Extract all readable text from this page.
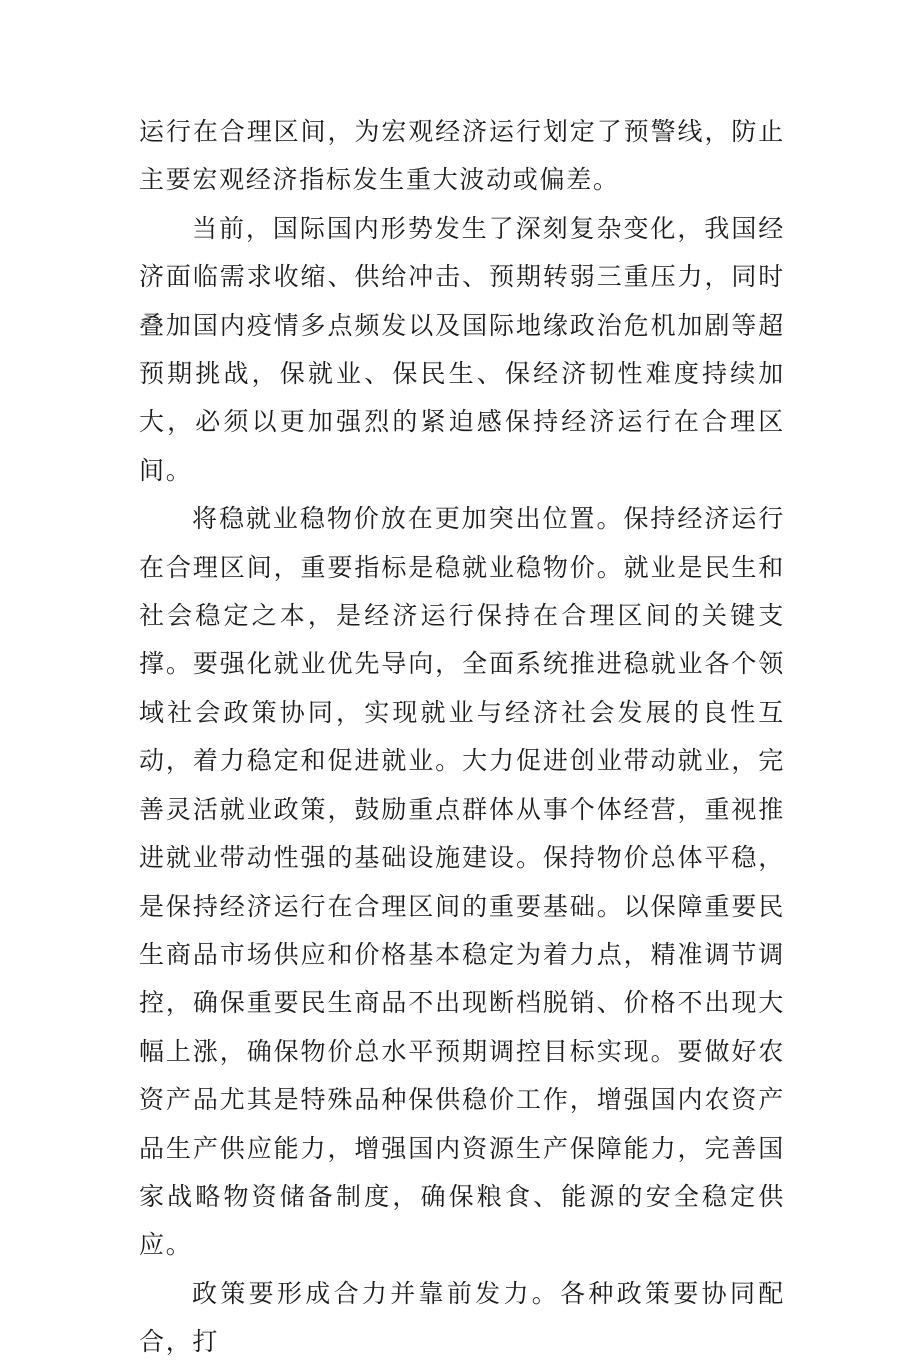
运行在合理区间，为宏观经济运行划定了预警线，防止主要宏观经济指标发生重大波动或偏差。

当前，国际国内形势发生了深刻复杂变化，我国经济面临需求收缩、供给冲击、预期转弱三重压力，同时叠加国内疫情多点频发以及国际地缘政治危机加剧等超预期挑战，保就业、保民生、保经济韧性难度持续加大，必须以更加强烈的紧迫感保持经济运行在合理区间。

将稳就业稳物价放在更加突出位置。保持经济运行在合理区间，重要指标是稳就业稳物价。就业是民生和社会稳定之本，是经济运行保持在合理区间的关键支撑。要强化就业优先导向，全面系统推进稳就业各个领域社会政策协同，实现就业与经济社会发展的良性互动，着力稳定和促进就业。大力促进创业带动就业，完善灵活就业政策，鼓励重点群体从事个体经营，重视推进就业带动性强的基础设施建设。保持物价总体平稳，是保持经济运行在合理区间的重要基础。以保障重要民生商品市场供应和价格基本稳定为着力点，精准调节调控，确保重要民生商品不出现断档脱销、价格不出现大幅上涨，确保物价总水平预期调控目标实现。要做好农资产品尤其是特殊品种保供稳价工作，增强国内农资产品生产供应能力，增强国内资源生产保障能力，完善国家战略物资储备制度，确保粮食、能源的安全稳定供应。

政策要形成合力并靠前发力。各种政策要协同配合，打
